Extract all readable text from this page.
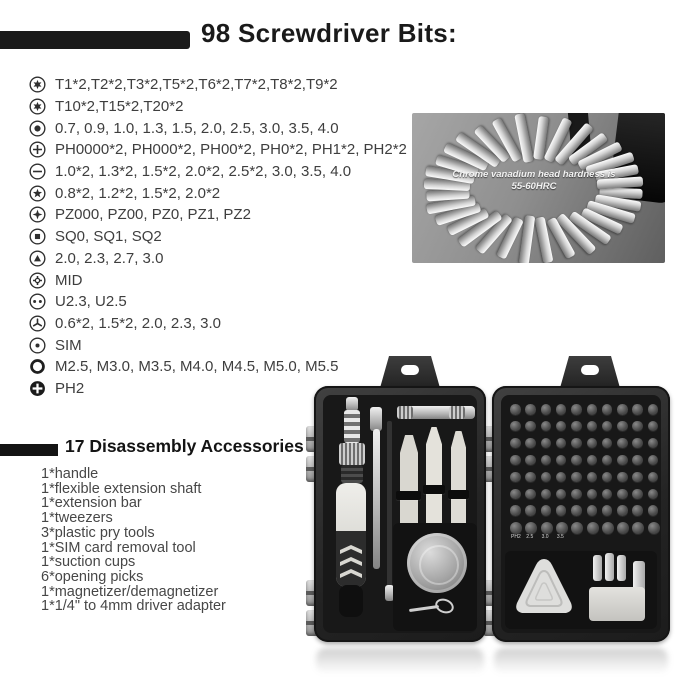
98 Screwdriver Bits:
T1*2,T2*2,T3*2,T5*2,T6*2,T7*2,T8*2,T9*2
T10*2,T15*2,T20*2
0.7, 0.9, 1.0, 1.3, 1.5, 2.0, 2.5, 3.0, 3.5, 4.0
PH0000*2, PH000*2, PH00*2, PH0*2, PH1*2, PH2*2
1.0*2, 1.3*2, 1.5*2, 2.0*2, 2.5*2, 3.0, 3.5, 4.0
0.8*2, 1.2*2, 1.5*2, 2.0*2
PZ000, PZ00, PZ0, PZ1, PZ2
SQ0, SQ1, SQ2
2.0, 2.3, 2.7, 3.0
MID
U2.3, U2.5
0.6*2, 1.5*2, 2.0, 2.3, 3.0
SIM
M2.5, M3.0, M3.5, M4.0, M4.5, M5.0, M5.5
PH2
Chrome vanadium head hardness is
55-60HRC
17 Disassembly Accessories
1*handle
1*flexible extension shaft
1*extension bar
1*tweezers
3*plastic pry tools
1*SIM card removal tool
1*suction cups
6*opening picks
1*magnetizer/demagnetizer
1*1/4" to 4mm driver adapter
PH2 2.5 3.0 3.5
